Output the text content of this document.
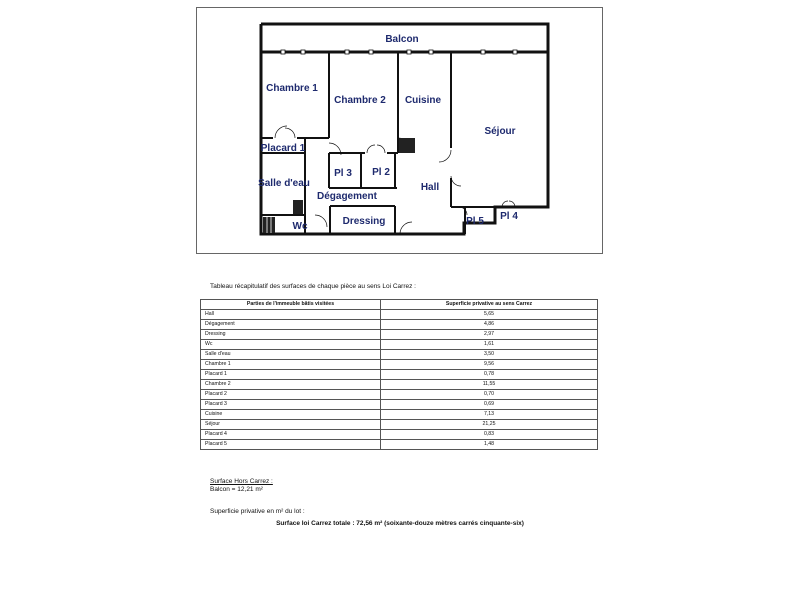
Balcon
Chambre 1
Chambre 2 Cuisine
Séjour
Placard 1
Pl 3 Pl 2
Salle d'eau
Dégagement
Hall
Pl 4
Pl 5
Dressing
Wc
Tableau récapitulatif des surfaces de chaque pièce au sens Loi Carrez :
Parties de l'immeuble bâtis visitées	Superficie privative au sens Carrez
Hall	5,65
Dégagement	4,86
Dressing	2,97
Wc	1,61
Salle d'eau	3,50
Chambre 1	9,56
Placard 1	0,78
Chambre 2	11,55
Placard 2	0,70
Placard 3	0,69
Cuisine	7,13
Séjour	21,25
Placard 4	0,83
Placard 5	1,48
Surface Hors Carrez :
Balcon = 12,21 m²
Superficie privative en m² du lot :
Surface loi Carrez totale : 72,56 m² (soixante-douze mètres carrés cinquante-six)
